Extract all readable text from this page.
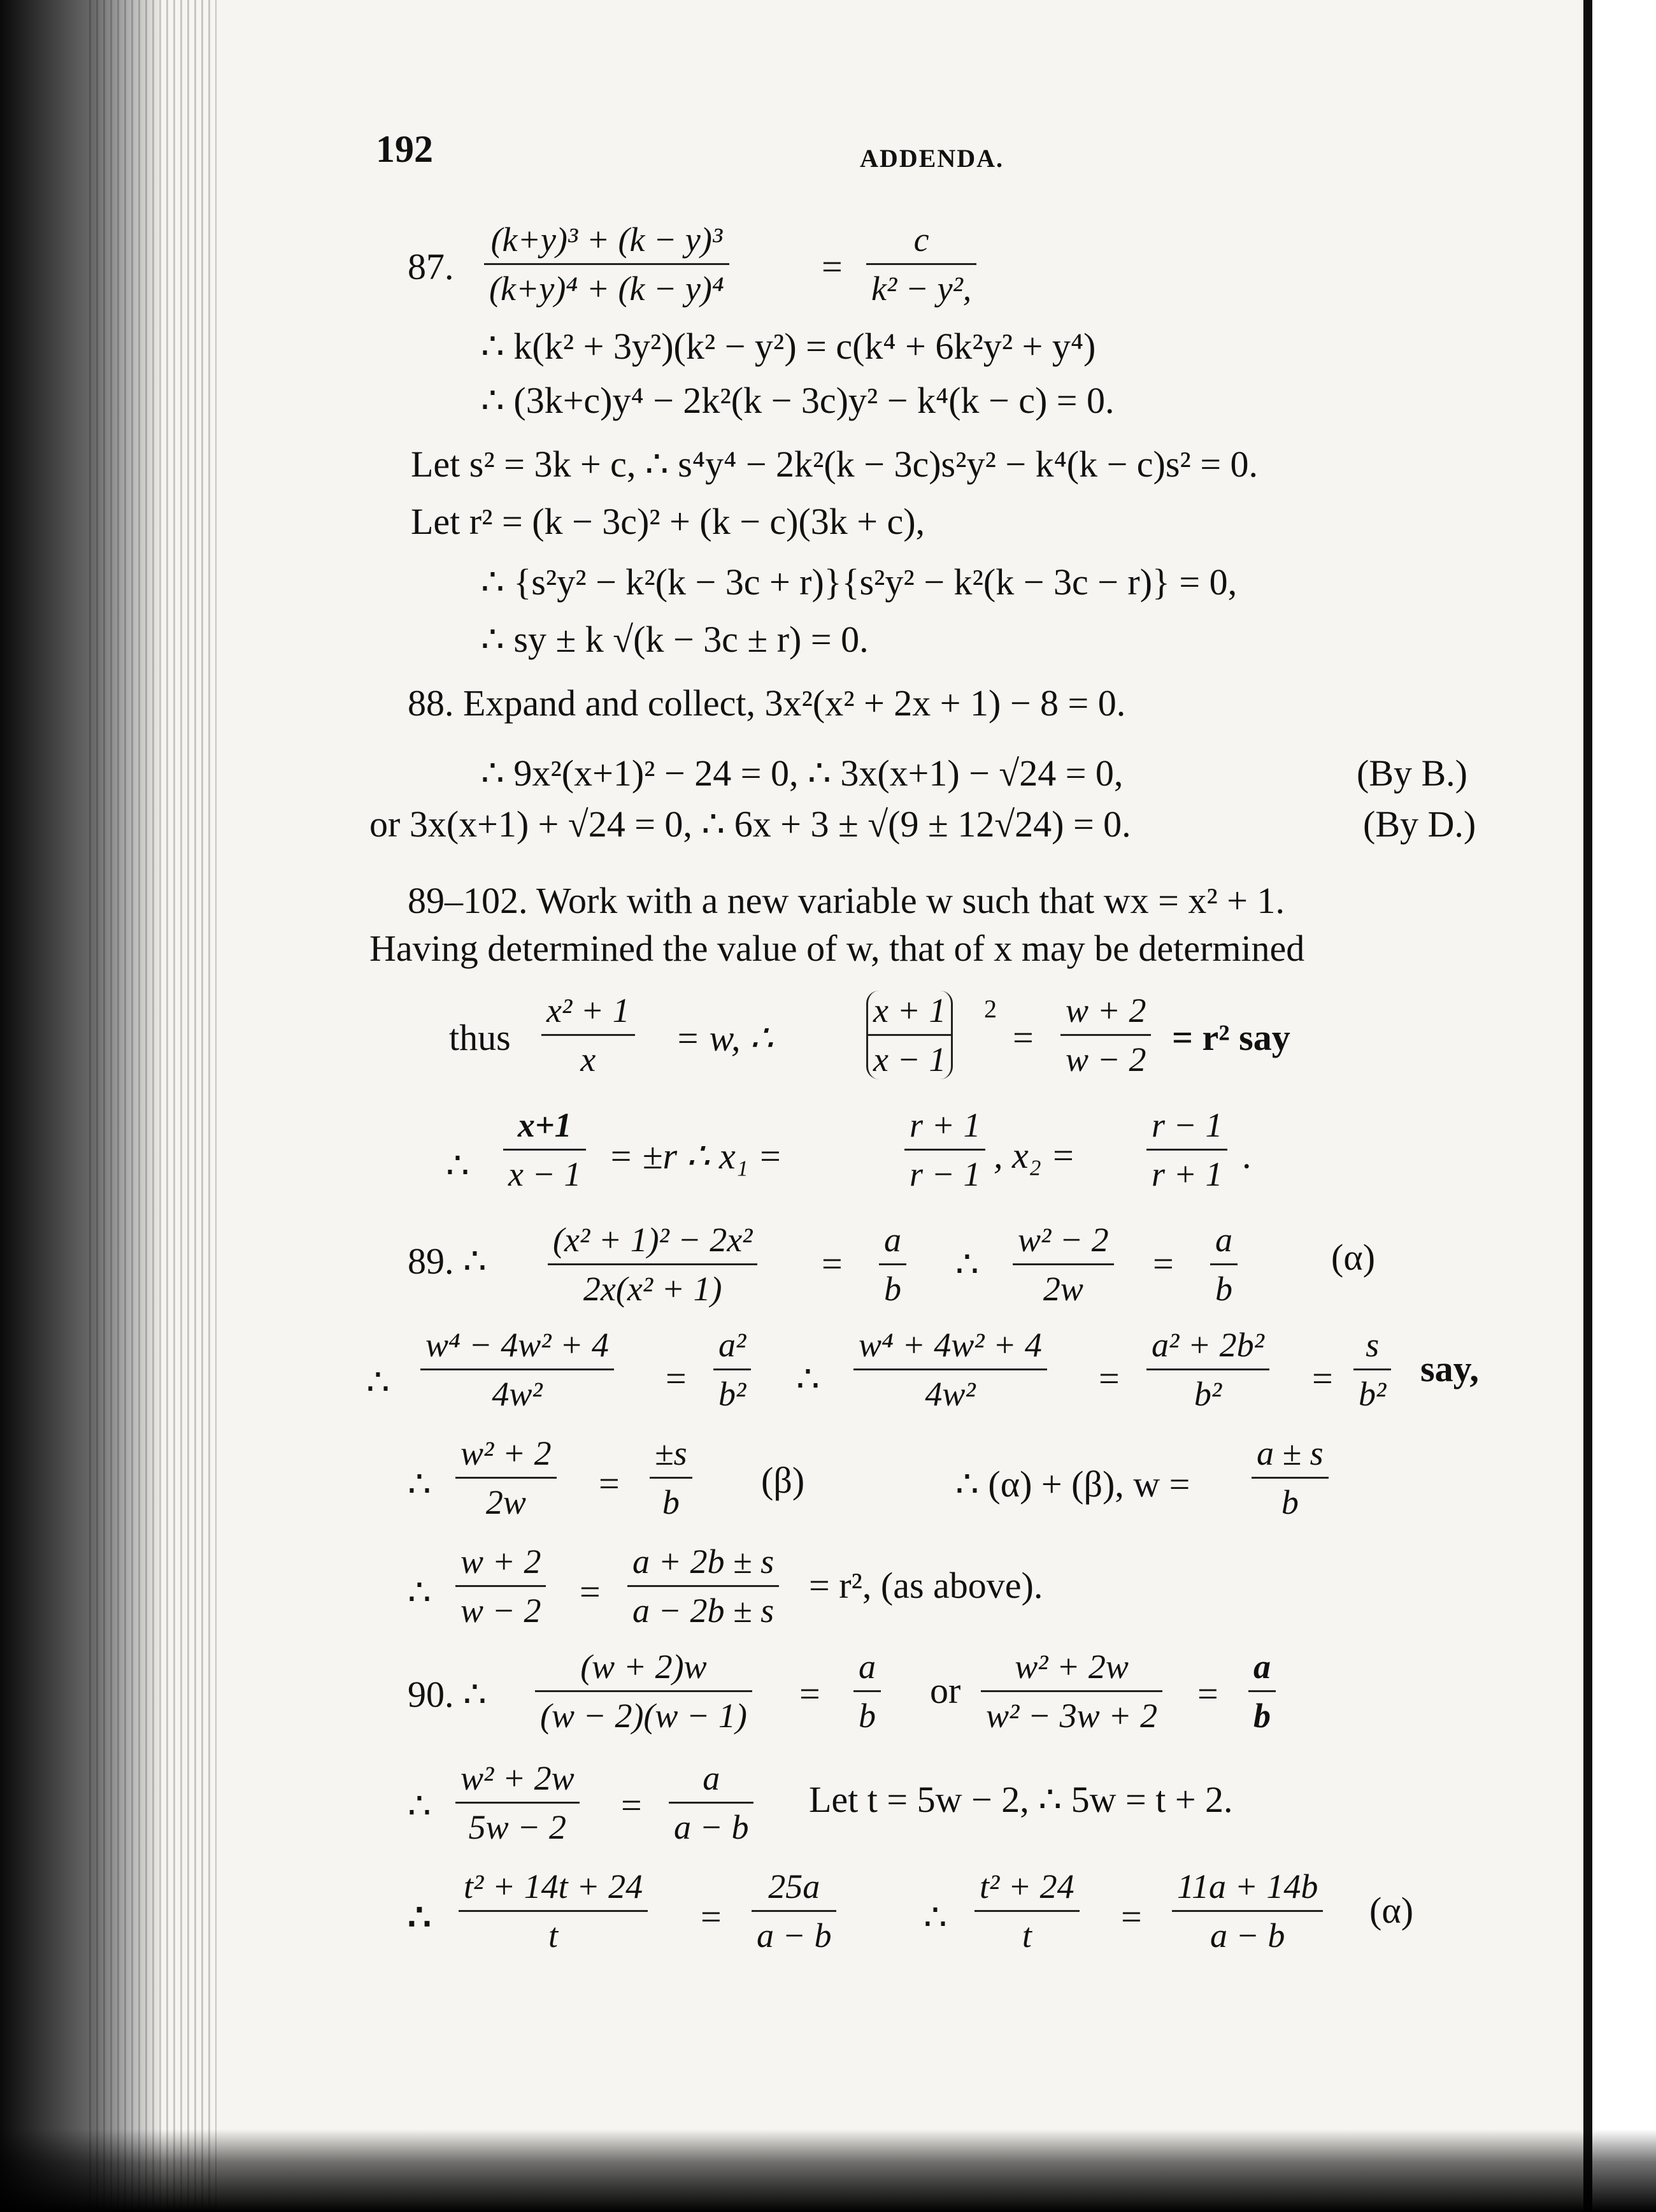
192	ADDENDA.
87. $\frac{\text{(k+y)³ + (k − y)³}}{\text{(k+y)⁴ + (k − y)⁴}}$	= $\frac{c}{\text{k² − y²,}}$
∴ k(k² + 3y²)(k² − y²) = c(k⁴ + 6k²y² + y⁴)
∴ (3k+c)y⁴ − 2k²(k − 3c)y² − k⁴(k − c) = 0.
Let s² = 3k + c, ∴ s⁴y⁴ − 2k²(k − 3c)s²y² − k⁴(k − c)s² = 0.
Let r² = (k − 3c)² + (k − c)(3k + c),
∴ {s²y² − k²(k − 3c + r)}{s²y² − k²(k − 3c − r)} = 0,
∴ sy ± k √(k − 3c ± r) = 0.
88. Expand and collect, 3x²(x² + 2x + 1) − 8 = 0.
∴ 9x²(x+1)² − 24 = 0, ∴ 3x(x+1) − √24 = 0,	(By B.)
or 3x(x+1) + √24 = 0, ∴ 6x + 3 ± √(9 ± 12√24) = 0.	(By D.)
89–102. Work with a new variable w such that wx = x² + 1.
Having determined the value of w, that of x may be determined
thus $\frac{\text{x² + 1}}{x} = w$, ∴	$\frac{x + 1}{x - 1} 2$
= $\frac{w + 2}{w - 2} = r^2$ say
∴ $\frac{x+1}{x - 1} = \pm r$ ∴ x₁ =	$\frac{r + 1}{r - 1}$ , $x_2 = \frac{r - 1}{r + 1}$ .
89. ∴ $\frac{\text{(x² + 1)² − 2x²}}{\text{2x(x² + 1)}} = \frac{a}{b}$ ∴ $\frac{\text{w² − 2}}{2w} = \frac{a}{b}$	(α)
∴ $\frac{\text{w⁴ − 4w² + 4}}{\text{4w²}} = \frac{\text{a²}}{\text{b²}}$ ∴ $\frac{\text{w⁴ + 4w² + 4}}{\text{4w²}} = \frac{\text{a² + 2b²}}{\text{b²}} = \frac{s}{\text{b²}}$ say,
∴ $\frac{\text{w² + 2}}{2w} = \frac{\pm s}{b} (\beta)$	∴ (α) + (β), $w = \frac{a \pm s}{b}$
∴ $\frac{w + 2}{w - 2} = \frac{a + 2b \pm s}{a - 2b \pm s} = r^2$, (as above).
90. ∴ $\frac{(w + 2)w}{(w - 2)(w - 1)} = \frac{a}{b}$ or $\frac{\text{w² + 2w}}{\text{w² − 3w + 2}} = \frac{a}{b}$
∴ $\frac{\text{w² + 2w}}{5w - 2} = \frac{a}{a - b}$ Let t = 5w − 2, ∴ 5w = t + 2.
∴ $\frac{\text{t² + 14t + 24}}{t} = \frac{25a}{a - b}$ ∴ $\frac{\text{t² + 24}}{t} = \frac{11a + 14b}{a - b} (\alpha)$
